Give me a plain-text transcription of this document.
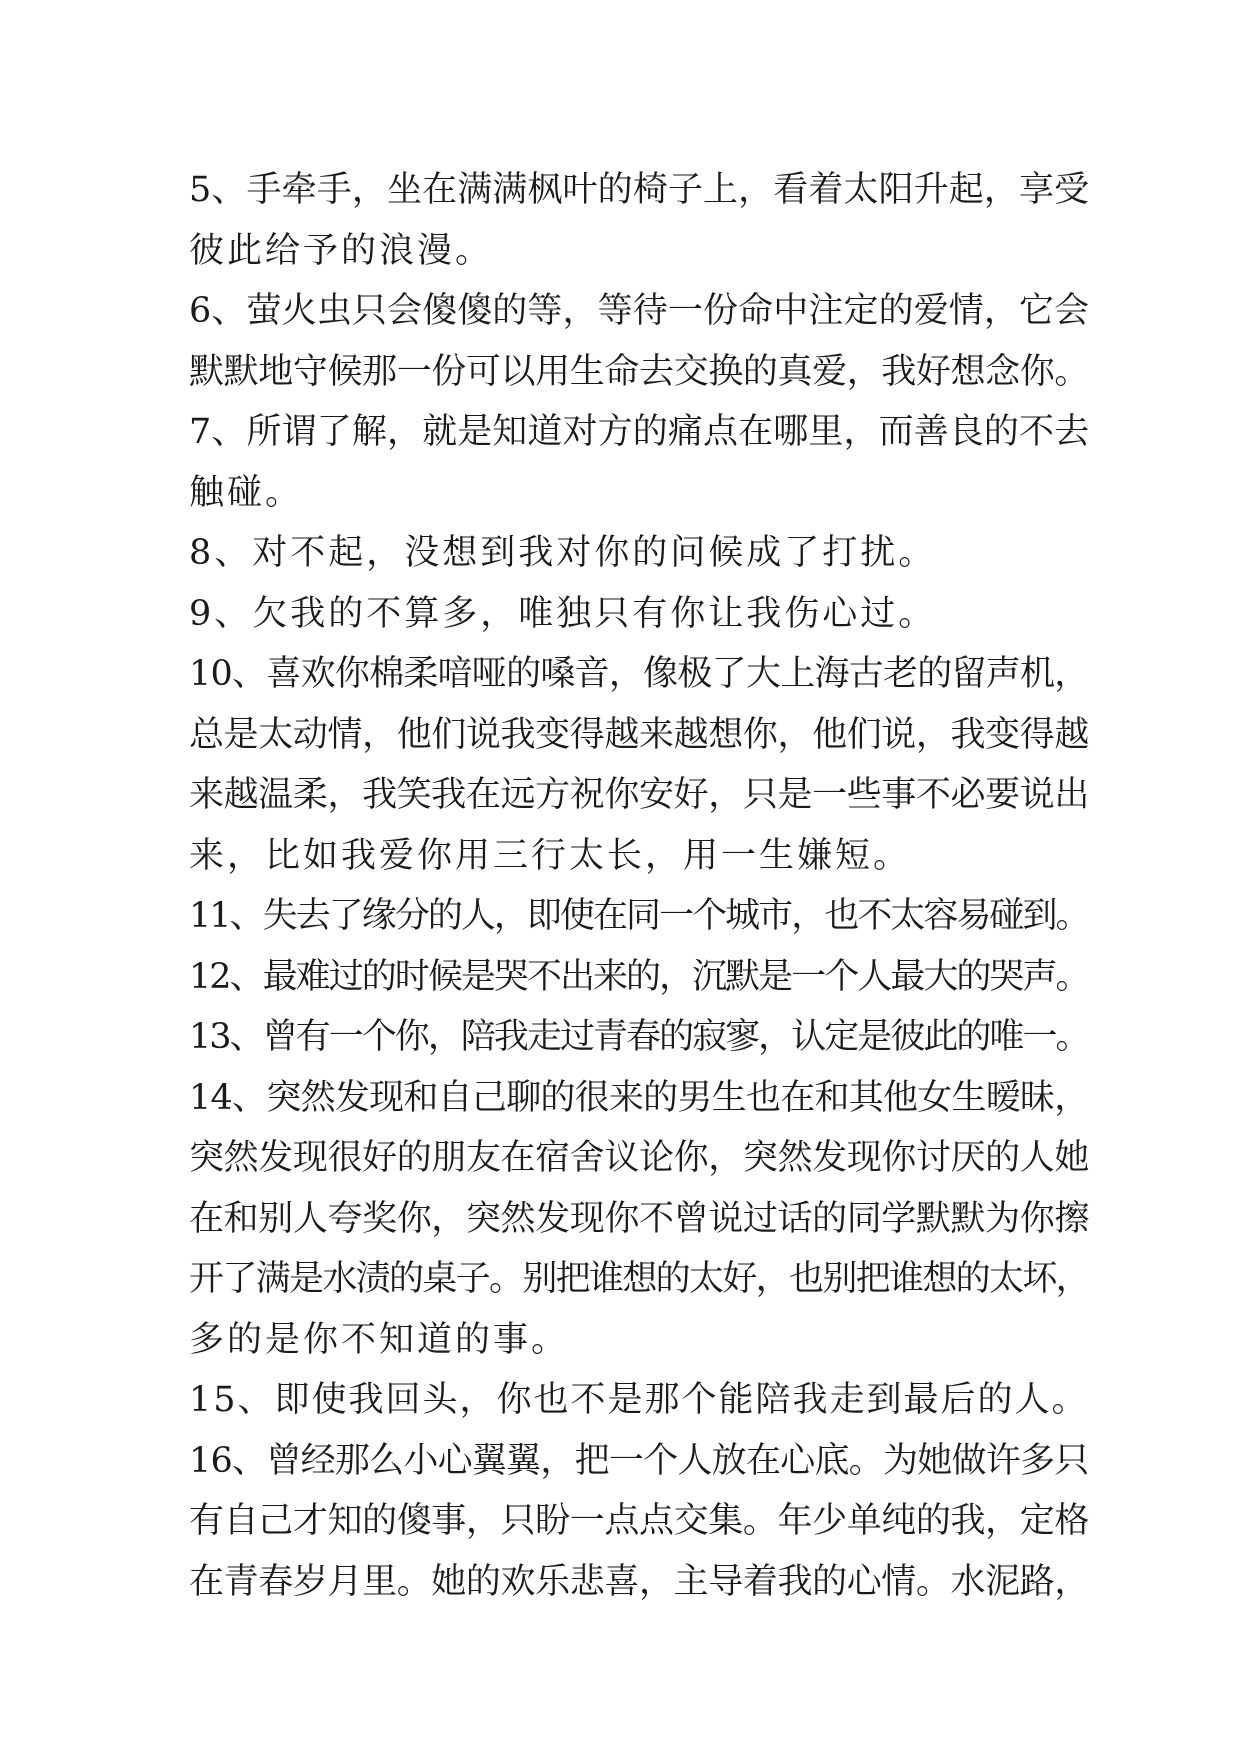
5、手牵手，坐在满满枫叶的椅子上，看着太阳升起，享受
彼此给予的浪漫。
6、萤火虫只会傻傻的等，等待一份命中注定的爱情，它会
默默地守候那一份可以用生命去交换的真爱，我好想念你。
7、所谓了解，就是知道对方的痛点在哪里，而善良的不去
触碰。
8、对不起，没想到我对你的问候成了打扰。
9、欠我的不算多，唯独只有你让我伤心过。
10、喜欢你棉柔喑哑的嗓音，像极了大上海古老的留声机，
总是太动情，他们说我变得越来越想你，他们说，我变得越
来越温柔，我笑我在远方祝你安好，只是一些事不必要说出
来，比如我爱你用三行太长，用一生嫌短。
11、失去了缘分的人，即使在同一个城市，也不太容易碰到。
12、最难过的时候是哭不出来的，沉默是一个人最大的哭声。
13、曾有一个你，陪我走过青春的寂寥，认定是彼此的唯一。
14、突然发现和自己聊的很来的男生也在和其他女生暧昧，
突然发现很好的朋友在宿舍议论你，突然发现你讨厌的人她
在和别人夸奖你，突然发现你不曾说过话的同学默默为你擦
开了满是水渍的桌子。别把谁想的太好，也别把谁想的太坏，
多的是你不知道的事。
15、即使我回头，你也不是那个能陪我走到最后的人。
16、曾经那么小心翼翼，把一个人放在心底。为她做许多只
有自己才知的傻事，只盼一点点交集。年少单纯的我，定格
在青春岁月里。她的欢乐悲喜，主导着我的心情。水泥路，
